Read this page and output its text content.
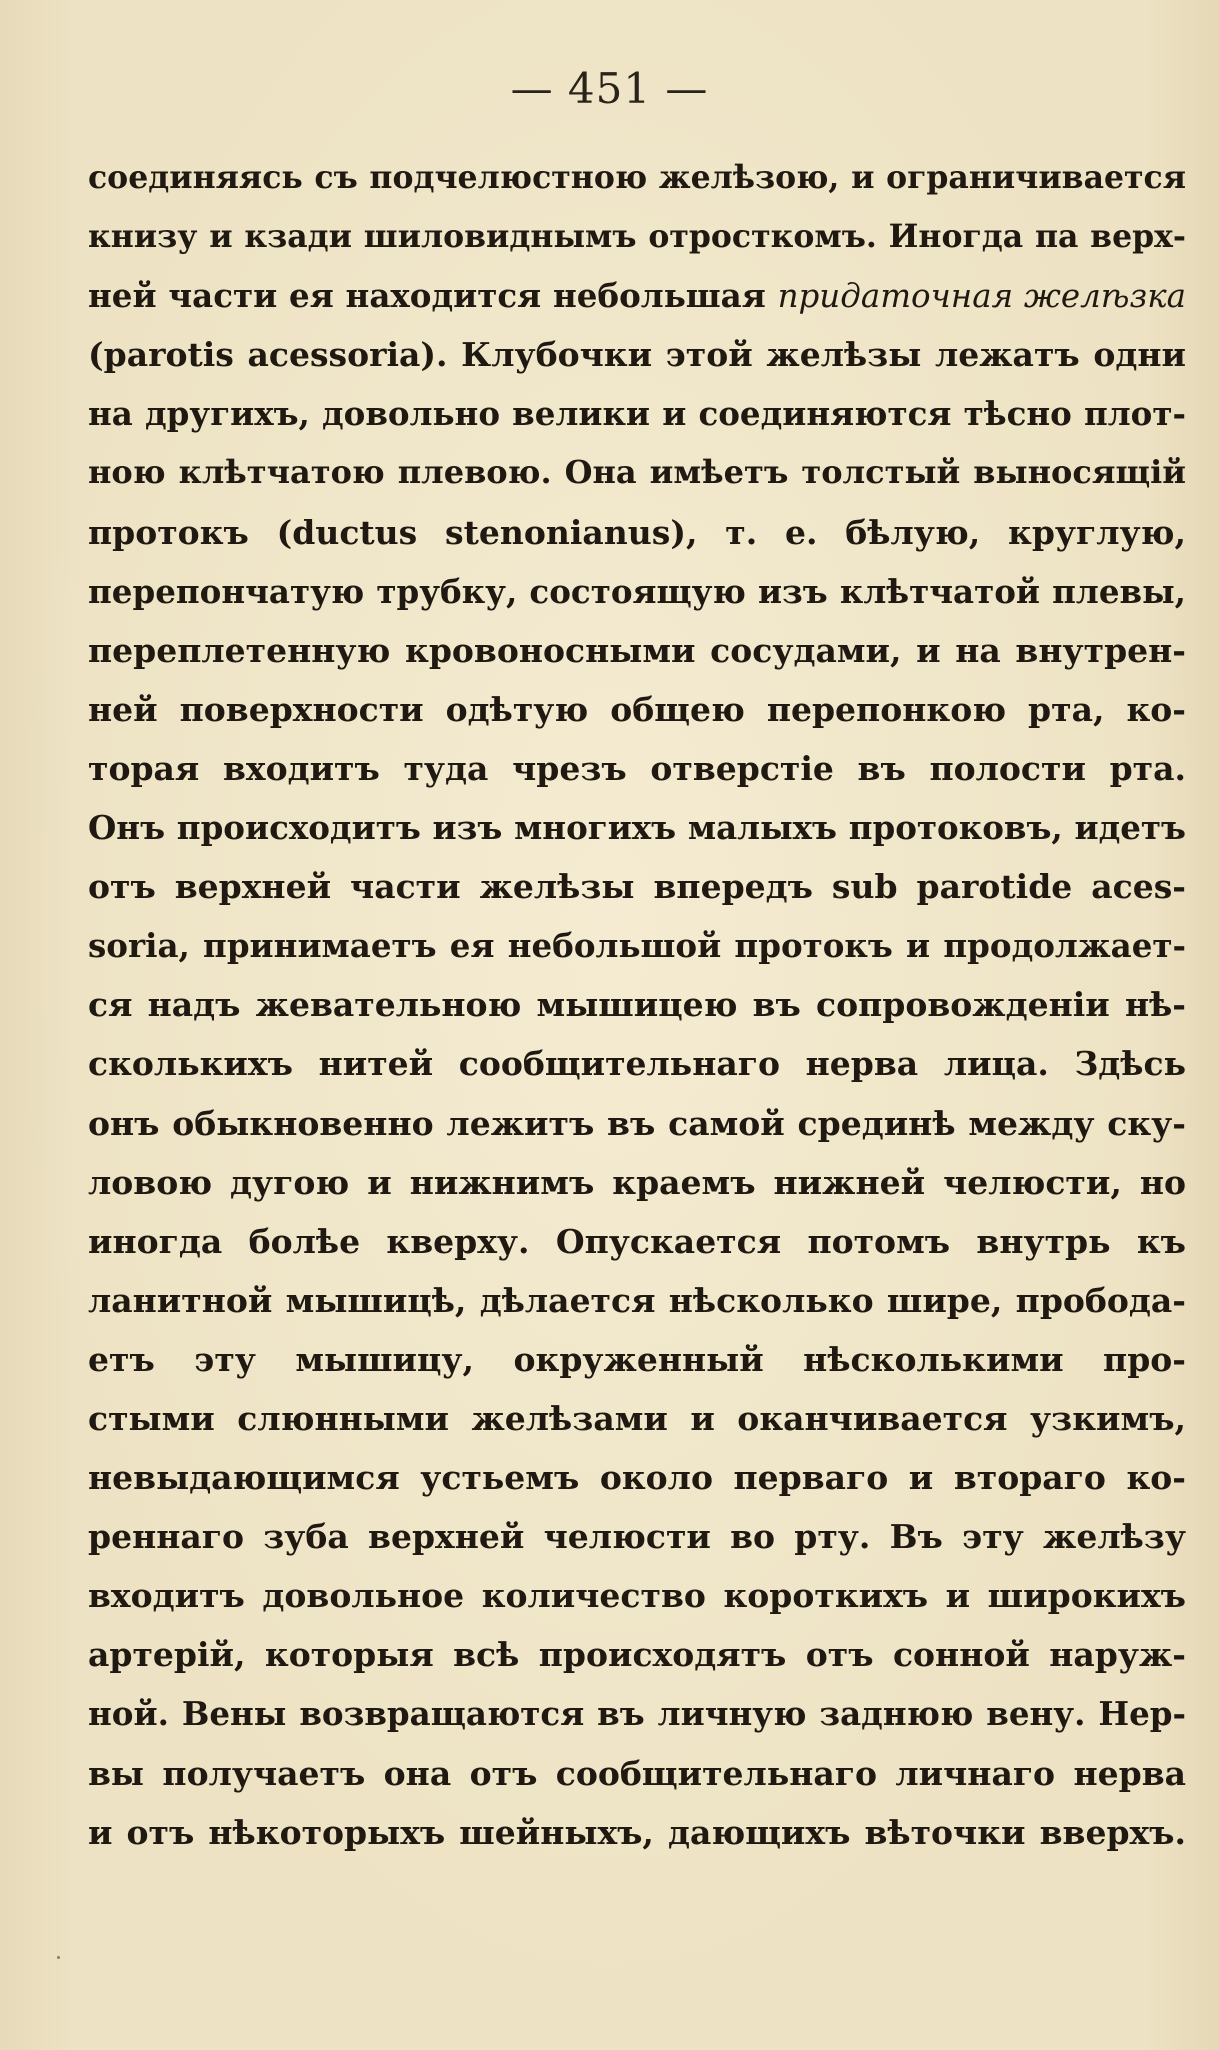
— 451 —
соединяясь съ подчелюстною желѣзою, и ограничивается
книзу и кзади шиловиднымъ отросткомъ. Иногда па верх-
ней части ея находится небольшая придаточная желѣзка
(parotis acessoria). Клубочки этой желѣзы лежатъ одни
на другихъ, довольно велики и соединяются тѣсно плот-
ною клѣтчатою плевою. Она имѣетъ толстый выносящій
протокъ (ductus stenonianus), т. е. бѣлую, круглую,
перепончатую трубку, состоящую изъ клѣтчатой плевы,
переплетенную кровоносными сосудами, и на внутрен-
ней поверхности одѣтую общею перепонкою рта, ко-
торая входитъ туда чрезъ отверстіе въ полости рта.
Онъ происходитъ изъ многихъ малыхъ протоковъ, идетъ
отъ верхней части желѣзы впередъ sub parotide aces-
soria, принимаетъ ея небольшой протокъ и продолжает-
ся надъ жевательною мышицею въ сопровожденіи нѣ-
сколькихъ нитей сообщительнаго нерва лица. Здѣсь
онъ обыкновенно лежитъ въ самой срединѣ между ску-
ловою дугою и нижнимъ краемъ нижней челюсти, но
иногда болѣе кверху. Опускается потомъ внутрь къ
ланитной мышицѣ, дѣлается нѣсколько шире, пробода-
етъ эту мышицу, окруженный нѣсколькими про-
стыми слюнными желѣзами и оканчивается узкимъ,
невыдающимся устьемъ около перваго и втораго ко-
реннаго зуба верхней челюсти во рту. Въ эту желѣзу
входитъ довольное количество короткихъ и широкихъ
артерій, которыя всѣ происходятъ отъ сонной наруж-
ной. Вены возвращаются въ личную заднюю вену. Нер-
вы получаетъ она отъ сообщительнаго личнаго нерва
и отъ нѣкоторыхъ шейныхъ, дающихъ вѣточки вверхъ.
